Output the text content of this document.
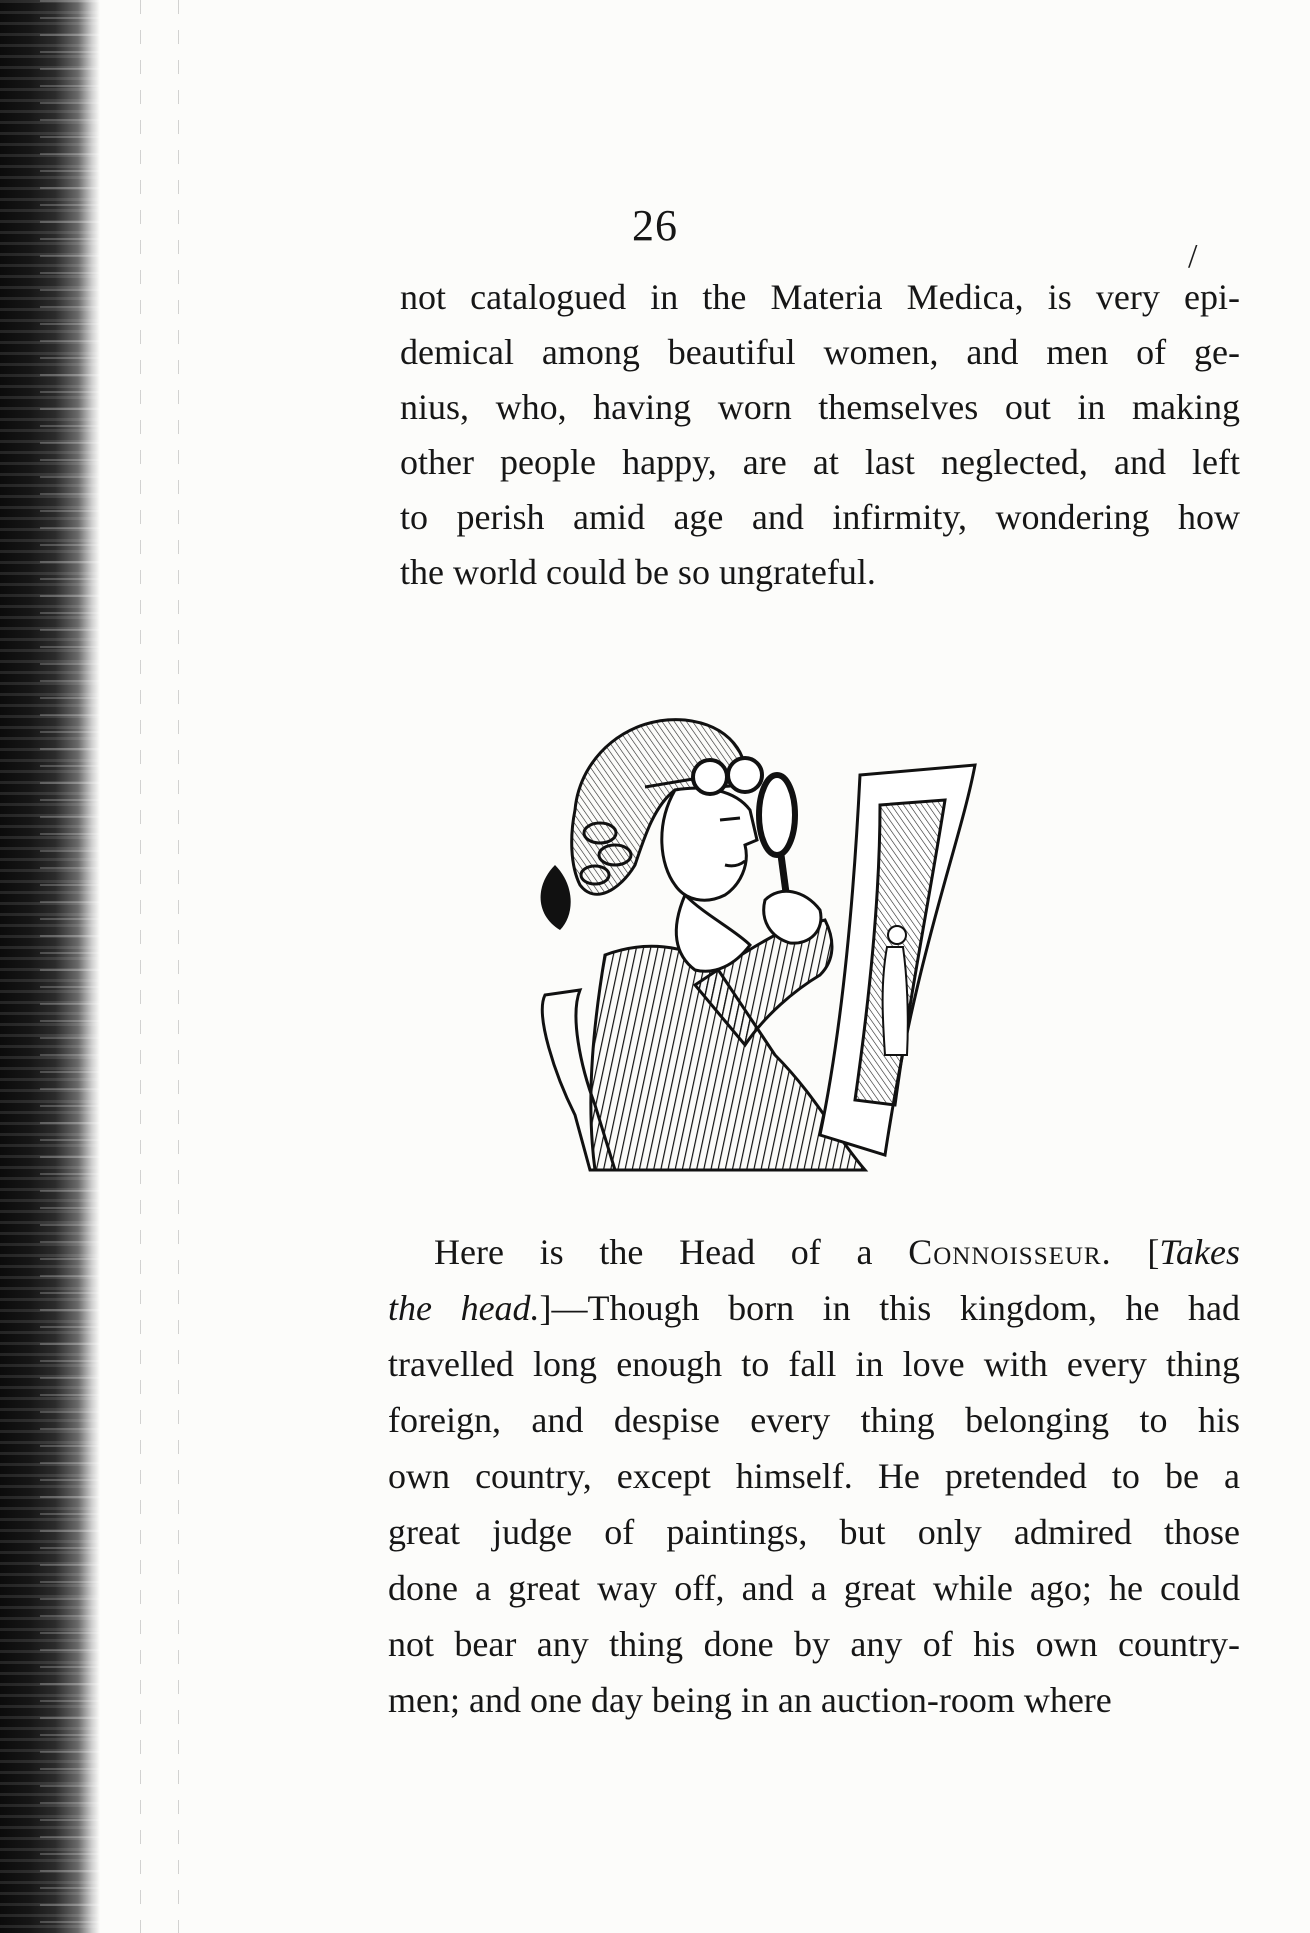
26
/
not catalogued in the Materia Medica, is very epi-
demical among beautiful women, and men of ge-
nius, who, having worn themselves out in making
other people happy, are at last neglected, and left
to perish amid age and infirmity, wondering how
the world could be so ungrateful.
Here is the Head of a Connoisseur. [Takes
the head.]—Though born in this kingdom, he had
travelled long enough to fall in love with every thing
foreign, and despise every thing belonging to his
own country, except himself. He pretended to be a
great judge of paintings, but only admired those
done a great way off, and a great while ago; he could
not bear any thing done by any of his own country-
men; and one day being in an auction-room where
